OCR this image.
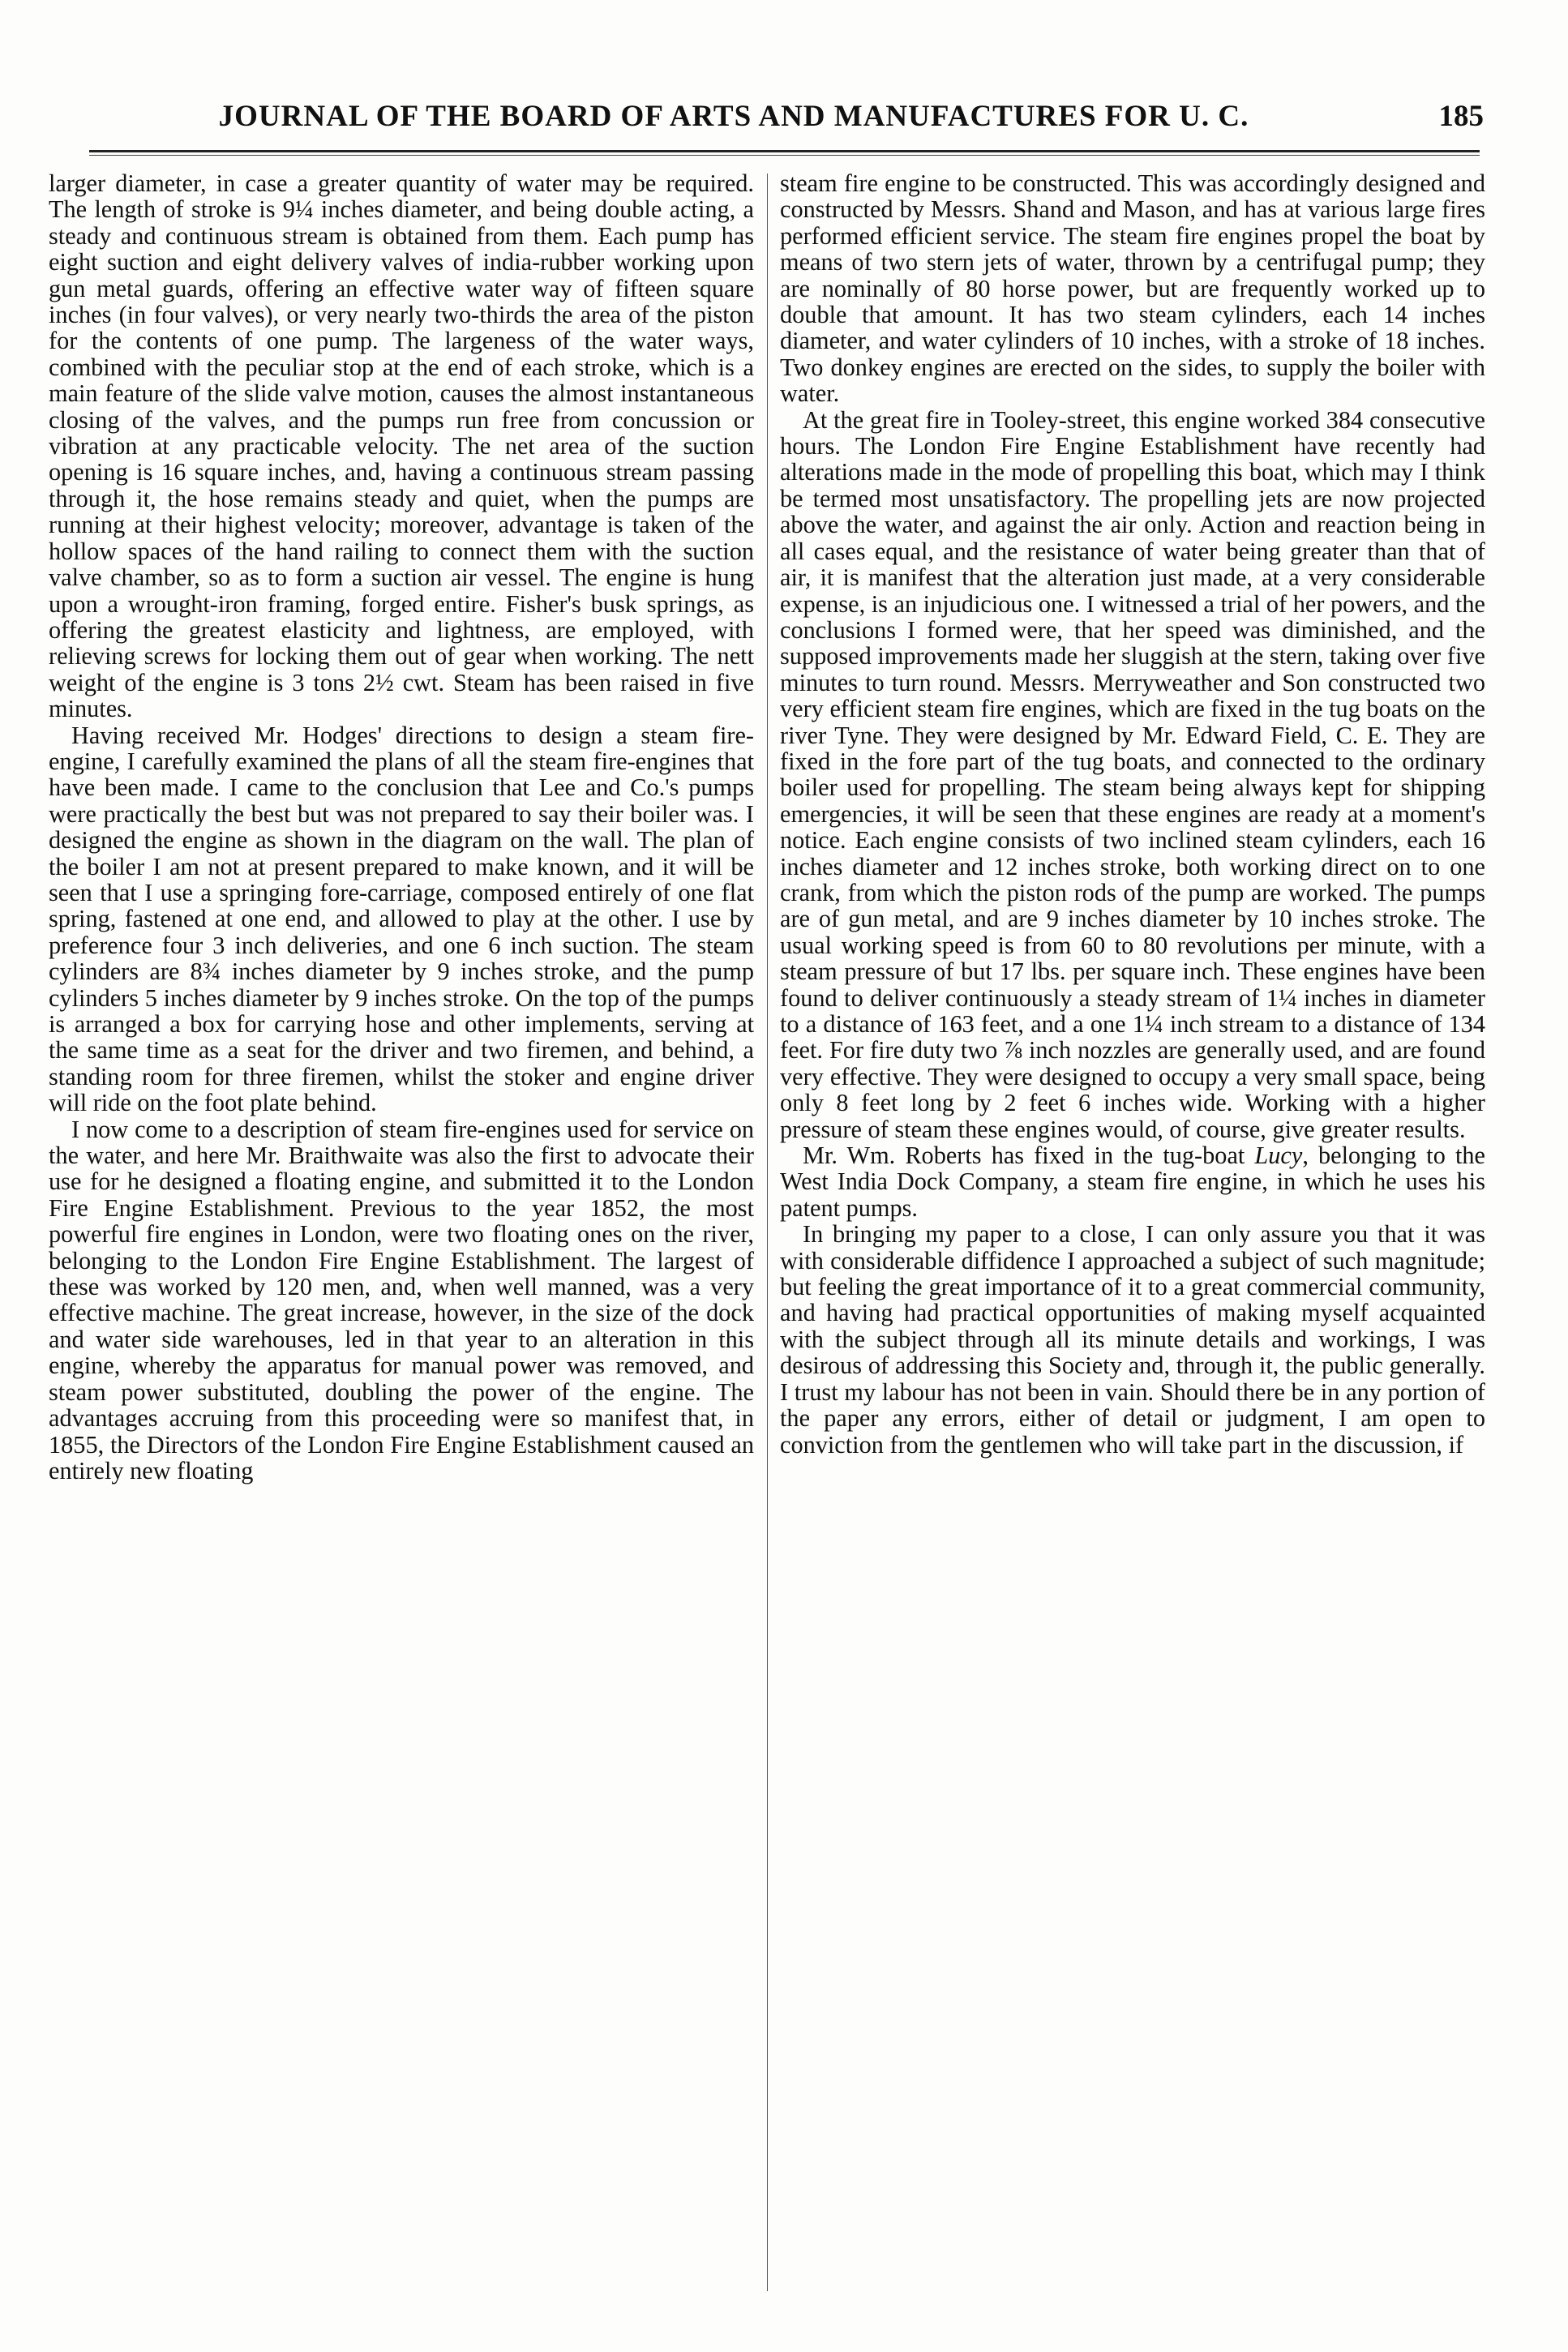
JOURNAL OF THE BOARD OF ARTS AND MANUFACTURES FOR U. C.	185

larger diameter, in case a greater quantity of water may be required. The length of stroke is 9¼ inches diameter, and being double acting, a steady and continuous stream is obtained from them. Each pump has eight suction and eight delivery valves of india-rubber working upon gun metal guards, offering an effective water way of fifteen square inches (in four valves), or very nearly two-thirds the area of the piston for the contents of one pump. The largeness of the water ways, combined with the peculiar stop at the end of each stroke, which is a main feature of the slide valve motion, causes the almost instantaneous closing of the valves, and the pumps run free from concussion or vibration at any practicable velocity. The net area of the suction opening is 16 square inches, and, having a continuous stream passing through it, the hose remains steady and quiet, when the pumps are running at their highest velocity; moreover, advantage is taken of the hollow spaces of the hand railing to connect them with the suction valve chamber, so as to form a suction air vessel. The engine is hung upon a wrought-iron framing, forged entire. Fisher's busk springs, as offering the greatest elasticity and lightness, are employed, with relieving screws for locking them out of gear when working. The nett weight of the engine is 3 tons 2½ cwt. Steam has been raised in five minutes.

Having received Mr. Hodges' directions to design a steam fire-engine, I carefully examined the plans of all the steam fire-engines that have been made. I came to the conclusion that Lee and Co.'s pumps were practically the best but was not prepared to say their boiler was. I designed the engine as shown in the diagram on the wall. The plan of the boiler I am not at present prepared to make known, and it will be seen that I use a springing fore-carriage, composed entirely of one flat spring, fastened at one end, and allowed to play at the other. I use by preference four 3 inch deliveries, and one 6 inch suction. The steam cylinders are 8¾ inches diameter by 9 inches stroke, and the pump cylinders 5 inches diameter by 9 inches stroke. On the top of the pumps is arranged a box for carrying hose and other implements, serving at the same time as a seat for the driver and two firemen, and behind, a standing room for three firemen, whilst the stoker and engine driver will ride on the foot plate behind.

I now come to a description of steam fire-engines used for service on the water, and here Mr. Braithwaite was also the first to advocate their use for he designed a floating engine, and submitted it to the London Fire Engine Establishment. Previous to the year 1852, the most powerful fire engines in London, were two floating ones on the river, belonging to the London Fire Engine Establishment. The largest of these was worked by 120 men, and, when well manned, was a very effective machine. The great increase, however, in the size of the dock and water side warehouses, led in that year to an alteration in this engine, whereby the apparatus for manual power was removed, and steam power substituted, doubling the power of the engine. The advantages accruing from this proceeding were so manifest that, in 1855, the Directors of the London Fire Engine Establishment caused an entirely new floating

steam fire engine to be constructed. This was accordingly designed and constructed by Messrs. Shand and Mason, and has at various large fires performed efficient service. The steam fire engines propel the boat by means of two stern jets of water, thrown by a centrifugal pump; they are nominally of 80 horse power, but are frequently worked up to double that amount. It has two steam cylinders, each 14 inches diameter, and water cylinders of 10 inches, with a stroke of 18 inches. Two donkey engines are erected on the sides, to supply the boiler with water.

At the great fire in Tooley-street, this engine worked 384 consecutive hours. The London Fire Engine Establishment have recently had alterations made in the mode of propelling this boat, which may I think be termed most unsatisfactory. The propelling jets are now projected above the water, and against the air only. Action and reaction being in all cases equal, and the resistance of water being greater than that of air, it is manifest that the alteration just made, at a very considerable expense, is an injudicious one. I witnessed a trial of her powers, and the conclusions I formed were, that her speed was diminished, and the supposed improvements made her sluggish at the stern, taking over five minutes to turn round. Messrs. Merryweather and Son constructed two very efficient steam fire engines, which are fixed in the tug boats on the river Tyne. They were designed by Mr. Edward Field, C. E. They are fixed in the fore part of the tug boats, and connected to the ordinary boiler used for propelling. The steam being always kept for shipping emergencies, it will be seen that these engines are ready at a moment's notice. Each engine consists of two inclined steam cylinders, each 16 inches diameter and 12 inches stroke, both working direct on to one crank, from which the piston rods of the pump are worked. The pumps are of gun metal, and are 9 inches diameter by 10 inches stroke. The usual working speed is from 60 to 80 revolutions per minute, with a steam pressure of but 17 lbs. per square inch. These engines have been found to deliver continuously a steady stream of 1¼ inches in diameter to a distance of 163 feet, and a one 1¼ inch stream to a distance of 134 feet. For fire duty two ⅞ inch nozzles are generally used, and are found very effective. They were designed to occupy a very small space, being only 8 feet long by 2 feet 6 inches wide. Working with a higher pressure of steam these engines would, of course, give greater results.

Mr. Wm. Roberts has fixed in the tug-boat Lucy, belonging to the West India Dock Company, a steam fire engine, in which he uses his patent pumps.

In bringing my paper to a close, I can only assure you that it was with considerable diffidence I approached a subject of such magnitude; but feeling the great importance of it to a great commercial community, and having had practical opportunities of making myself acquainted with the subject through all its minute details and workings, I was desirous of addressing this Society and, through it, the public generally. I trust my labour has not been in vain. Should there be in any portion of the paper any errors, either of detail or judgment, I am open to conviction from the gentlemen who will take part in the discussion, if
